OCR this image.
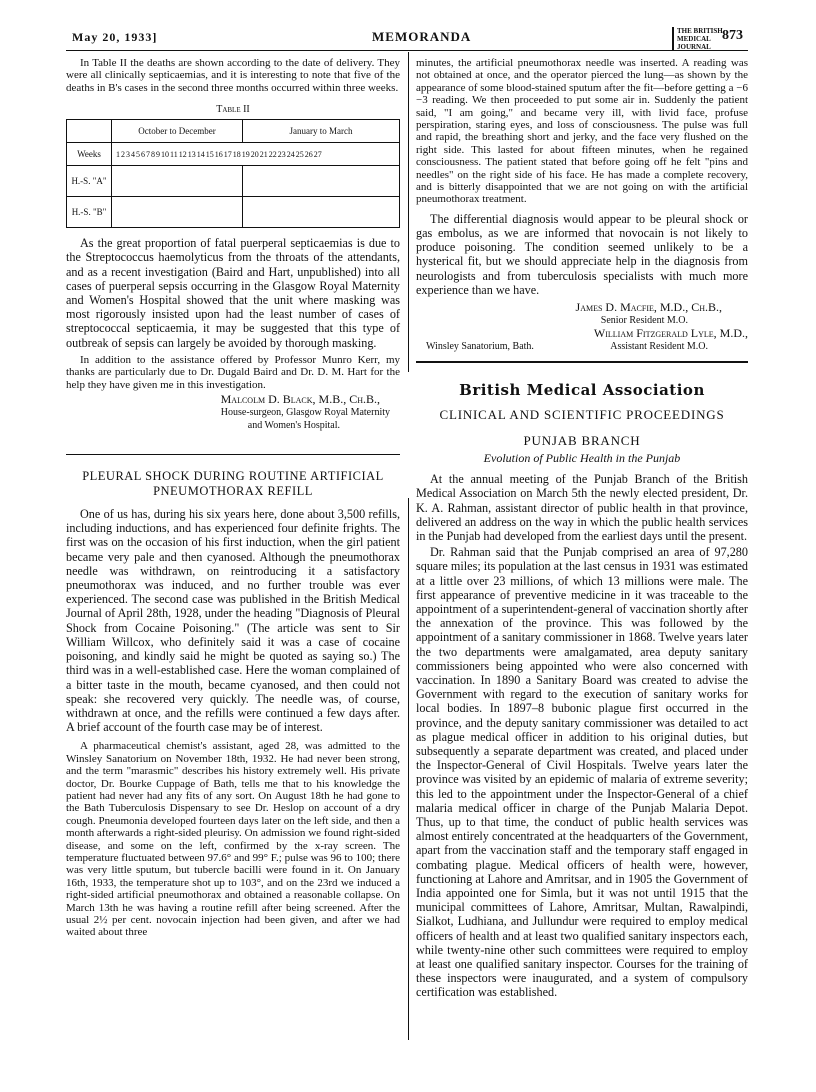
May 20, 1933]	MEMORANDA	THE BRITISH
MEDICAL JOURNAL
873

In Table II the deaths are shown according to the date of delivery. They were all clinically septicaemias, and it is interesting to note that five of the deaths in B's cases in the second three months occurred within three weeks.

Table II
	October to December	January to March
Weeks	1 2 3 4 5 6 7 8 9 10 11 12 13 14 15 16 17 18 19 20 21 22 23 24 25 26 27	
H.-S. "A"		
H.-S. "B"		

As the great proportion of fatal puerperal septicaemias is due to the Streptococcus haemolyticus from the throats of the attendants, and as a recent investigation (Baird and Hart, unpublished) into all cases of puerperal sepsis occurring in the Glasgow Royal Maternity and Women's Hospital showed that the unit where masking was most rigorously insisted upon had the least number of cases of streptococcal septicaemia, it may be suggested that this type of outbreak of sepsis can largely be avoided by thorough masking.

In addition to the assistance offered by Professor Munro Kerr, my thanks are particularly due to Dr. Dugald Baird and Dr. D. M. Hart for the help they have given me in this investigation.

Malcolm D. Black, M.B., Ch.B.,
House-surgeon, Glasgow Royal Maternity
and Women's Hospital.
PLEURAL SHOCK DURING ROUTINE ARTIFICIAL
PNEUMOTHORAX REFILL

One of us has, during his six years here, done about 3,500 refills, including inductions, and has experienced four definite frights. The first was on the occasion of his first induction, when the girl patient became very pale and then cyanosed. Although the pneumothorax needle was withdrawn, on reintroducing it a satisfactory pneumothorax was induced, and no further trouble was ever experienced. The second case was published in the British Medical Journal of April 28th, 1928, under the heading "Diagnosis of Pleural Shock from Cocaine Poisoning." (The article was sent to Sir William Willcox, who definitely said it was a case of cocaine poisoning, and kindly said he might be quoted as saying so.) The third was in a well-established case. Here the woman complained of a bitter taste in the mouth, became cyanosed, and then could not speak: she recovered very quickly. The needle was, of course, withdrawn at once, and the refills were continued a few days after. A brief account of the fourth case may be of interest.

A pharmaceutical chemist's assistant, aged 28, was admitted to the Winsley Sanatorium on November 18th, 1932. He had never been strong, and the term "marasmic" describes his history extremely well. His private doctor, Dr. Bourke Cuppage of Bath, tells me that to his knowledge the patient had never had any fits of any sort. On August 18th he had gone to the Bath Tuberculosis Dispensary to see Dr. Heslop on account of a dry cough. Pneumonia developed fourteen days later on the left side, and then a month afterwards a right-sided pleurisy. On admission we found right-sided disease, and some on the left, confirmed by the x-ray screen. The temperature fluctuated between 97.6° and 99° F.; pulse was 96 to 100; there was very little sputum, but tubercle bacilli were found in it. On January 16th, 1933, the temperature shot up to 103°, and on the 23rd we induced a right-sided artificial pneumothorax and obtained a reasonable collapse. On March 13th he was having a routine refill after being screened. After the usual 2½ per cent. novocain injection had been given, and after we had waited about three

minutes, the artificial pneumothorax needle was inserted. A reading was not obtained at once, and the operator pierced the lung—as shown by the appearance of some blood-stained sputum after the fit—before getting a −6 −3 reading. We then proceeded to put some air in. Suddenly the patient said, "I am going," and became very ill, with livid face, profuse perspiration, staring eyes, and loss of consciousness. The pulse was full and rapid, the breathing short and jerky, and the face very flushed on the right side. This lasted for about fifteen minutes, when he regained consciousness. The patient stated that before going off he felt "pins and needles" on the right side of his face. He has made a complete recovery, and is bitterly disappointed that we are not going on with the artificial pneumothorax treatment.

The differential diagnosis would appear to be pleural shock or gas embolus, as we are informed that novocain is not likely to produce poisoning. The condition seemed unlikely to be a hysterical fit, but we should appreciate help in the diagnosis from neurologists and from tuberculosis specialists with much more experience than we have.

James D. Macfie, M.D., Ch.B.,
Senior Resident M.O.
William Fitzgerald Lyle, M.D.,
Winsley Sanatorium, Bath.	Assistant Resident M.O.
British Medical Association
CLINICAL AND SCIENTIFIC PROCEEDINGS
PUNJAB BRANCH
Evolution of Public Health in the Punjab

At the annual meeting of the Punjab Branch of the British Medical Association on March 5th the newly elected president, Dr. K. A. Rahman, assistant director of public health in that province, delivered an address on the way in which the public health services in the Punjab had developed from the earliest days until the present.

Dr. Rahman said that the Punjab comprised an area of 97,280 square miles; its population at the last census in 1931 was estimated at a little over 23 millions, of which 13 millions were male. The first appearance of preventive medicine in it was traceable to the appointment of a superintendent-general of vaccination shortly after the annexation of the province. This was followed by the appointment of a sanitary commissioner in 1868. Twelve years later the two departments were amalgamated, area deputy sanitary commissioners being appointed who were also concerned with vaccination. In 1890 a Sanitary Board was created to advise the Government with regard to the execution of sanitary works for local bodies. In 1897–8 bubonic plague first occurred in the province, and the deputy sanitary commissioner was detailed to act as plague medical officer in addition to his original duties, but subsequently a separate department was created, and placed under the Inspector-General of Civil Hospitals. Twelve years later the province was visited by an epidemic of malaria of extreme severity; this led to the appointment under the Inspector-General of a chief malaria medical officer in charge of the Punjab Malaria Depot. Thus, up to that time, the conduct of public health services was almost entirely concentrated at the headquarters of the Government, apart from the vaccination staff and the temporary staff engaged in combating plague. Medical officers of health were, however, functioning at Lahore and Amritsar, and in 1905 the Government of India appointed one for Simla, but it was not until 1915 that the municipal committees of Lahore, Amritsar, Multan, Rawalpindi, Sialkot, Ludhiana, and Jullundur were required to employ medical officers of health and at least two qualified sanitary inspectors each, while twenty-nine other such committees were required to employ at least one qualified sanitary inspector. Courses for the training of these inspectors were inaugurated, and a system of compulsory certification was established.
